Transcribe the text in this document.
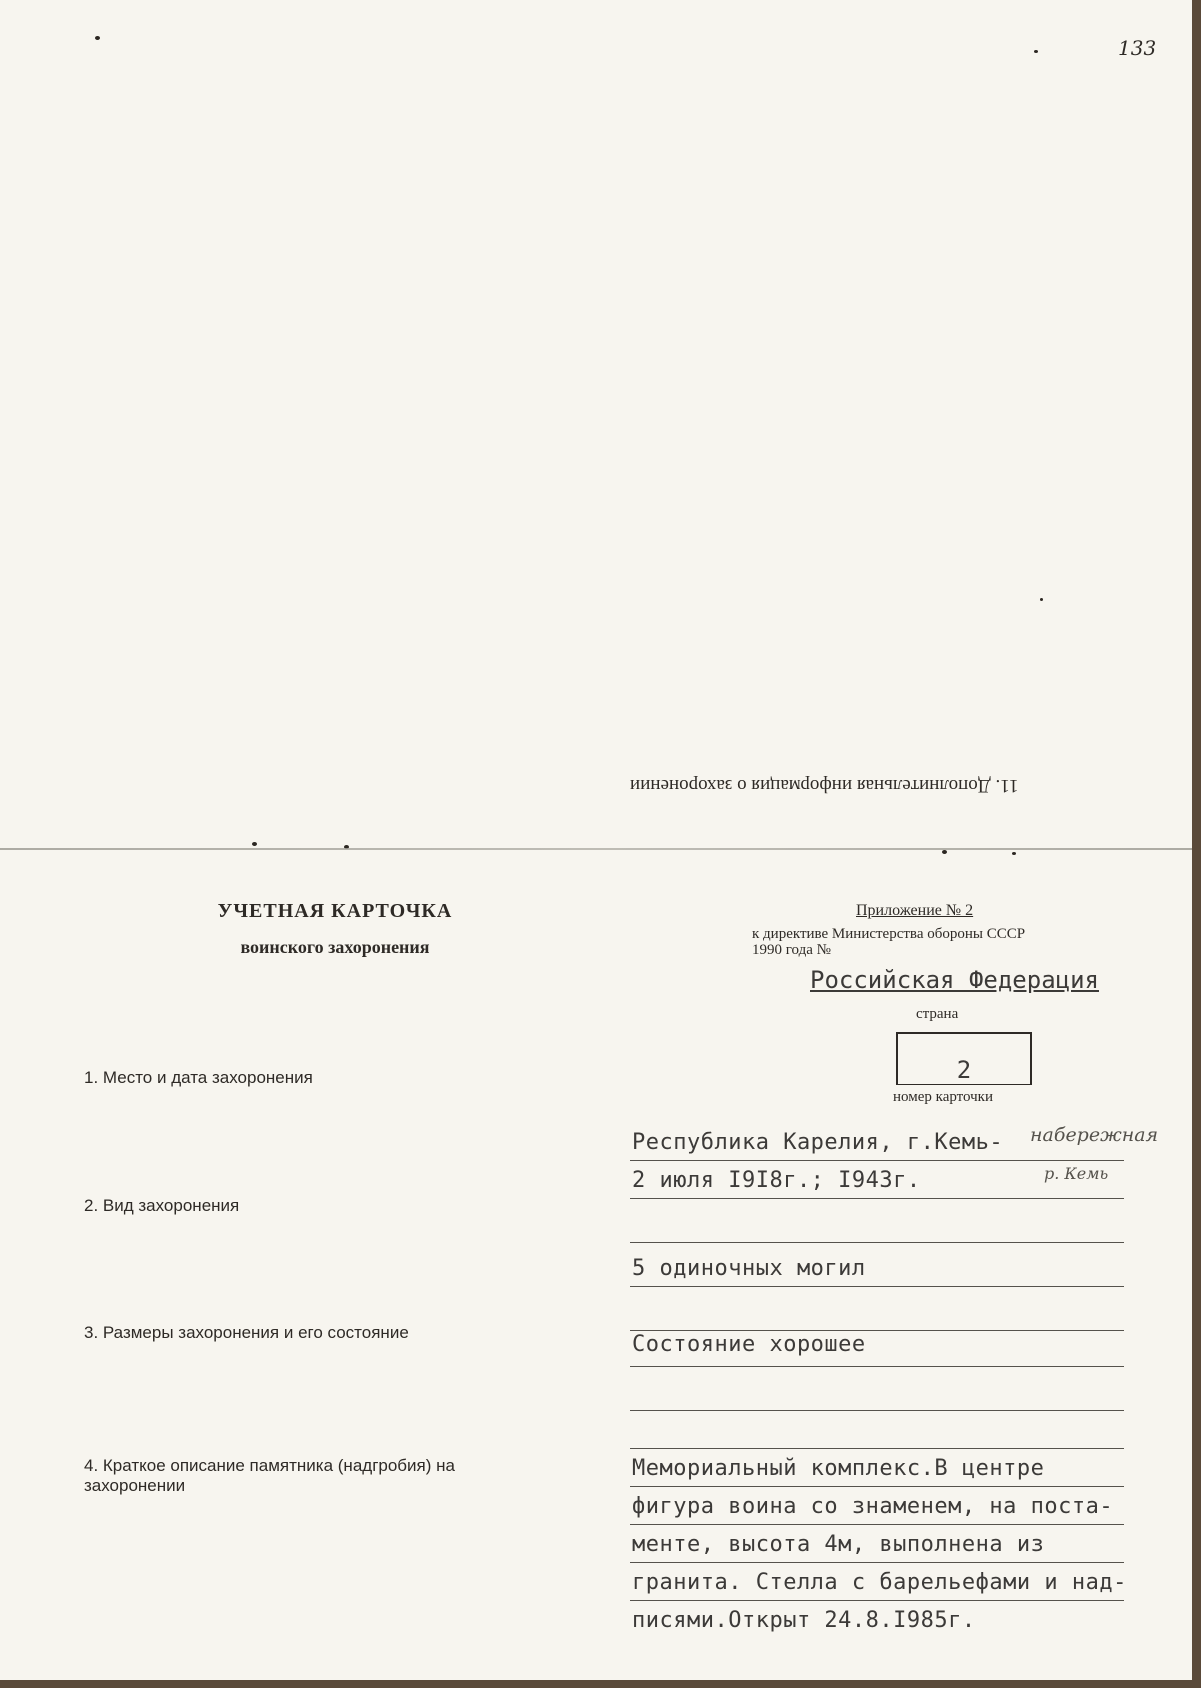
133
11. Дополнительная информация о захоронении
УЧЕТНАЯ КАРТОЧКА
воинского захоронения
Приложение № 2
к директиве Министерства обороны СССР
1990 года №
Российская Федерация
страна
2
номер карточки
1. Место и дата захоронения
2. Вид захоронения
3. Размеры захоронения и его состояние
4. Краткое описание памятника (надгробия) на
захоронении
Республика Карелия, г.Кемь- набережная
р. Кемь
2 июля I9I8г.; I943г.
5 одиночных могил
Состояние хорошее
Мемориальный комплекс.В центре
фигура воина со знаменем, на поста-
менте, высота 4м, выполнена из
гранита. Стелла с барельефами и над-
писями.Открыт 24.8.I985г.
